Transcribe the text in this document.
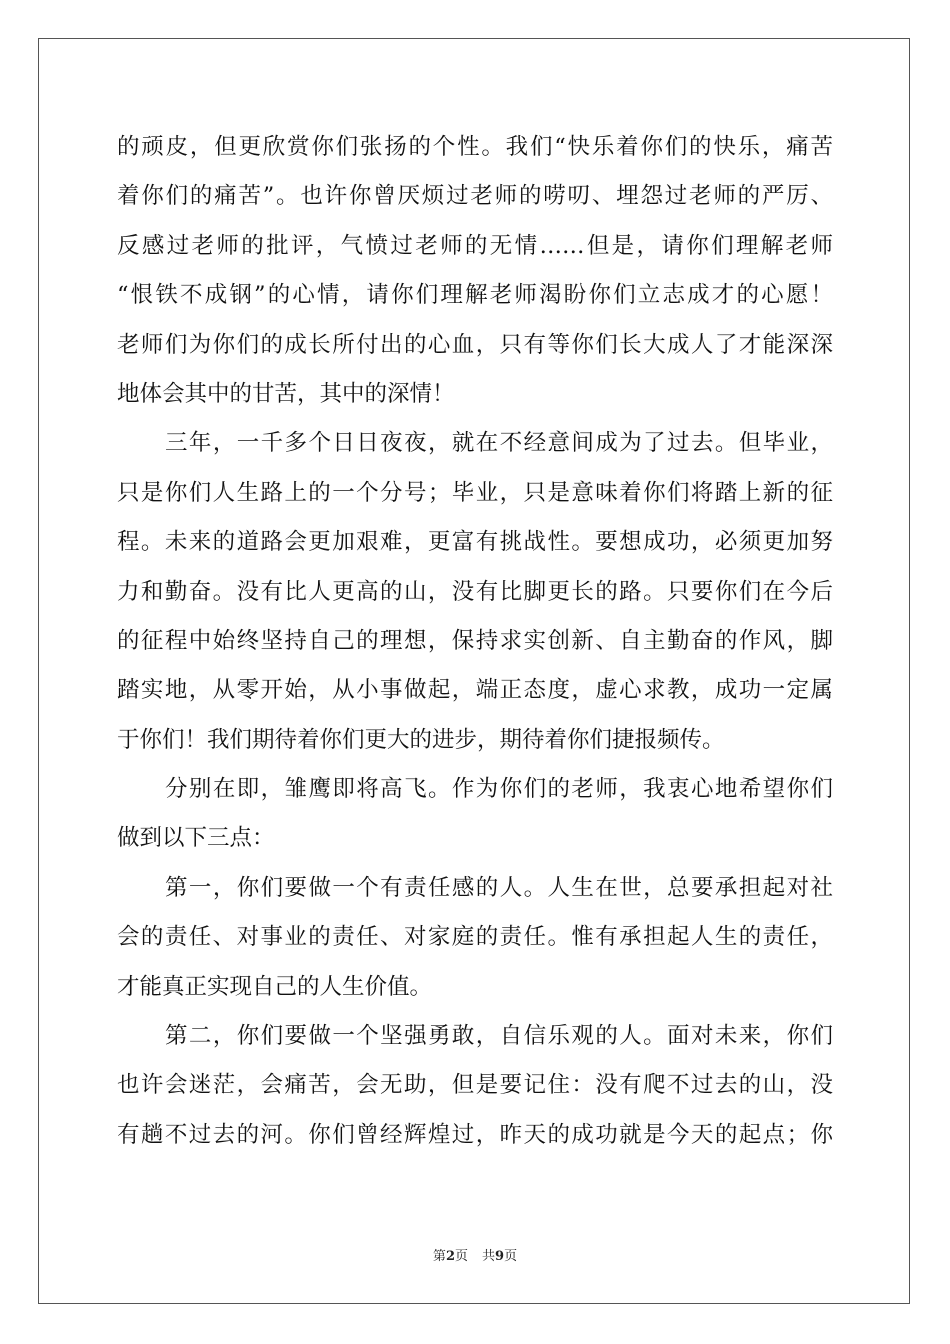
的顽皮，但更欣赏你们张扬的个性。我们“快乐着你们的快乐，痛苦
着你们的痛苦”。也许你曾厌烦过老师的唠叨、埋怨过老师的严厉、
反感过老师的批评，气愤过老师的无情……但是，请你们理解老师
“恨铁不成钢”的心情，请你们理解老师渴盼你们立志成才的心愿！
老师们为你们的成长所付出的心血，只有等你们长大成人了才能深深
地体会其中的甘苦，其中的深情！
三年，一千多个日日夜夜，就在不经意间成为了过去。但毕业，
只是你们人生路上的一个分号；毕业，只是意味着你们将踏上新的征
程。未来的道路会更加艰难，更富有挑战性。要想成功，必须更加努
力和勤奋。没有比人更高的山，没有比脚更长的路。只要你们在今后
的征程中始终坚持自己的理想，保持求实创新、自主勤奋的作风，脚
踏实地，从零开始，从小事做起，端正态度，虚心求教，成功一定属
于你们！我们期待着你们更大的进步，期待着你们捷报频传。
分别在即，雏鹰即将高飞。作为你们的老师，我衷心地希望你们
做到以下三点：
第一，你们要做一个有责任感的人。人生在世，总要承担起对社
会的责任、对事业的责任、对家庭的责任。惟有承担起人生的责任，
才能真正实现自己的人生价值。
第二，你们要做一个坚强勇敢，自信乐观的人。面对未来，你们
也许会迷茫，会痛苦，会无助，但是要记住：没有爬不过去的山，没
有趟不过去的河。你们曾经辉煌过，昨天的成功就是今天的起点；你
第2页 共9页
